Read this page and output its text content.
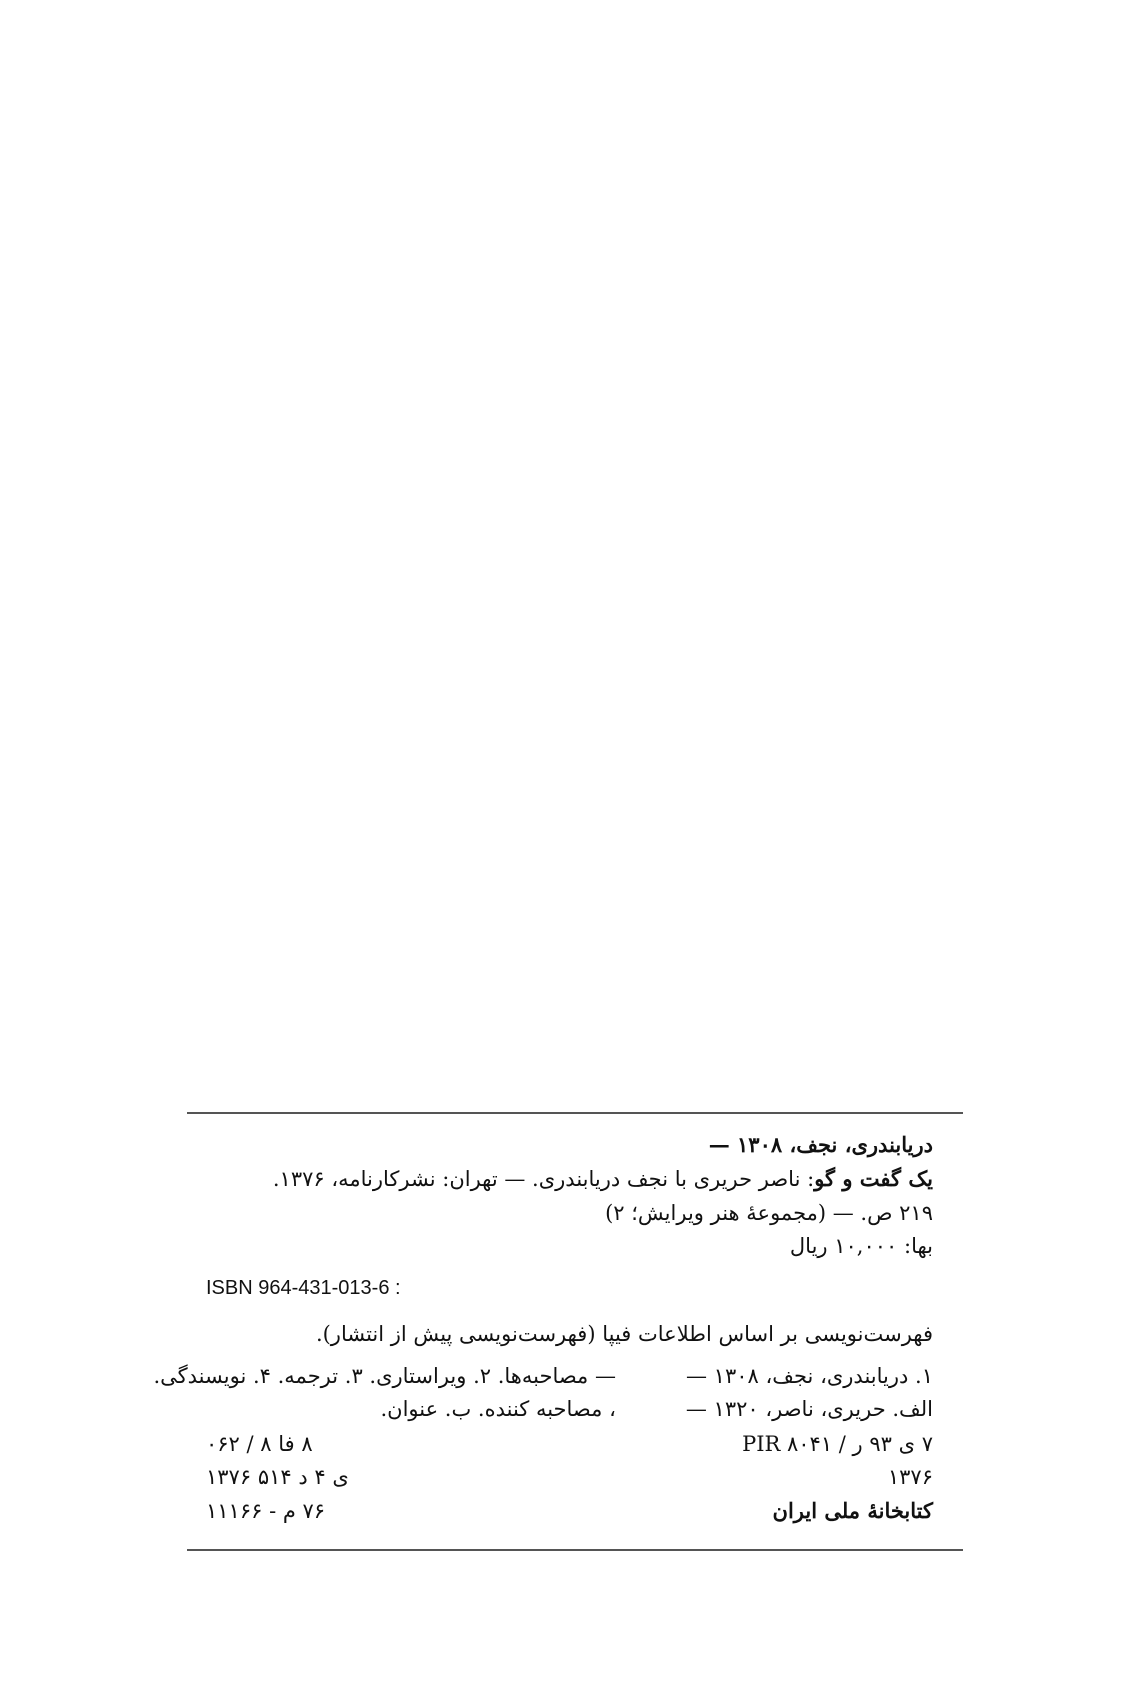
دریابندری، نجف، ۱۳۰۸ —
یک گفت و گو: ناصر حریری با نجف دریابندری. — تهران: نشرکارنامه، ۱۳۷۶.
۲۱۹ ص. — (مجموعهٔ هنر ویرایش؛ ۲)
بها: ۱۰,۰۰۰ ریال
ISBN 964-431-013-6 :
فهرست‌نویسی بر اساس اطلاعات فیپا (فهرست‌نویسی پیش از انتشار).
۱. دریابندری، نجف، ۱۳۰۸ —— مصاحبه‌ها. ۲. ویراستاری. ۳. ترجمه. ۴. نویسندگی.
الف. حریری، ناصر، ۱۳۲۰ —، مصاحبه کننده. ب. عنوان.
۷ ی ۹۳ ر / PIR ۸۰۴۱
۸ فا ۸ / ۰۶۲
۱۳۷۶
ی ۴ د ۵۱۴ ۱۳۷۶
کتابخانهٔ ملی ایران
۷۶ م - ۱۱۱۶۶
